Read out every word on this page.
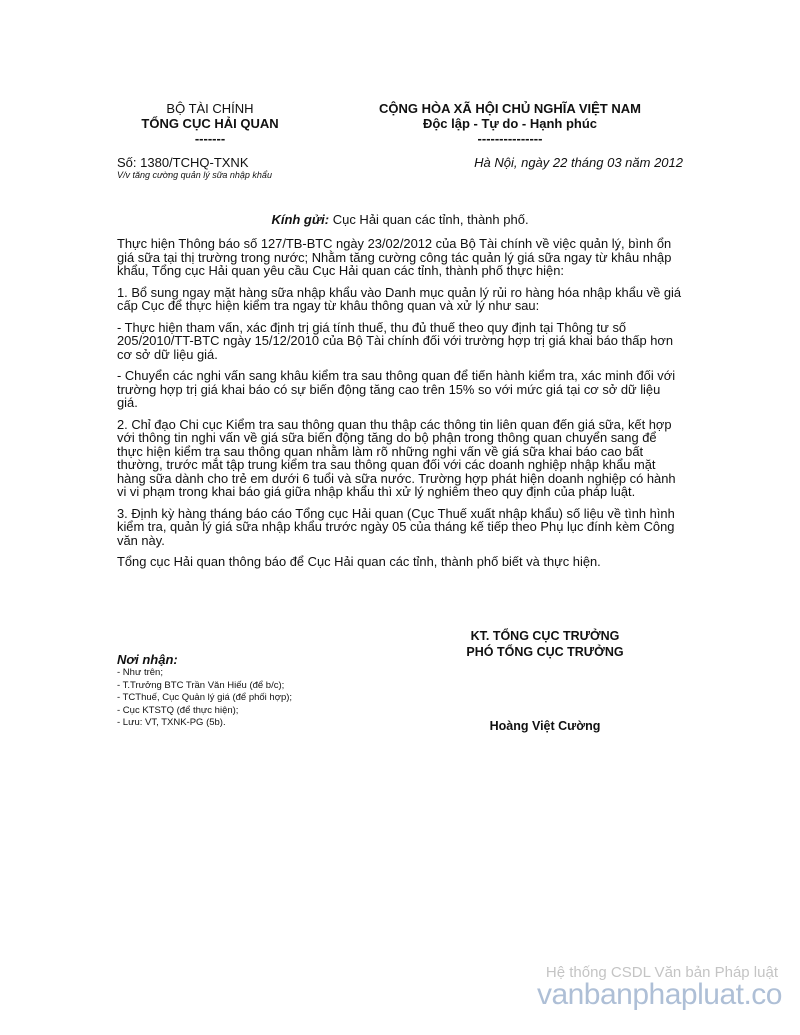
BỘ TÀI CHÍNH
TỔNG CỤC HẢI QUAN
-------
CỘNG HÒA XÃ HỘI CHỦ NGHĨA VIỆT NAM
Độc lập - Tự do - Hạnh phúc
---------------
Số: 1380/TCHQ-TXNK
V/v tăng cường quản lý sữa nhập khẩu
Hà Nội, ngày 22 tháng 03 năm 2012
Kính gửi: Cục Hải quan các tỉnh, thành phố.

Thực hiện Thông báo số 127/TB-BTC ngày 23/02/2012 của Bộ Tài chính về việc quản lý, bình ổn giá sữa tại thị trường trong nước; Nhằm tăng cường công tác quản lý giá sữa ngay từ khâu nhập khẩu, Tổng cục Hải quan yêu cầu Cục Hải quan các tỉnh, thành phố thực hiện:

1. Bổ sung ngay mặt hàng sữa nhập khẩu vào Danh mục quản lý rủi ro hàng hóa nhập khẩu về giá cấp Cục để thực hiện kiểm tra ngay từ khâu thông quan và xử lý như sau:

- Thực hiện tham vấn, xác định trị giá tính thuế, thu đủ thuế theo quy định tại Thông tư số 205/2010/TT-BTC ngày 15/12/2010 của Bộ Tài chính đối với trường hợp trị giá khai báo thấp hơn cơ sở dữ liệu giá.

- Chuyển các nghi vấn sang khâu kiểm tra sau thông quan để tiến hành kiểm tra, xác minh đối với trường hợp trị giá khai báo có sự biến động tăng cao trên 15% so với mức giá tại cơ sở dữ liệu giá.

2. Chỉ đạo Chi cục Kiểm tra sau thông quan thu thập các thông tin liên quan đến giá sữa, kết hợp với thông tin nghi vấn về giá sữa biến động tăng do bộ phận trong thông quan chuyển sang để thực hiện kiểm tra sau thông quan nhằm làm rõ những nghi vấn về giá sữa khai báo cao bất thường, trước mắt tập trung kiểm tra sau thông quan đối với các doanh nghiệp nhập khẩu mặt hàng sữa dành cho trẻ em dưới 6 tuổi và sữa nước. Trường hợp phát hiện doanh nghiệp có hành vi vi phạm trong khai báo giá giữa nhập khẩu thì xử lý nghiêm theo quy định của pháp luật.

3. Định kỳ hàng tháng báo cáo Tổng cục Hải quan (Cục Thuế xuất nhập khẩu) số liệu về tình hình kiểm tra, quản lý giá sữa nhập khẩu trước ngày 05 của tháng kế tiếp theo Phụ lục đính kèm Công văn này.

Tổng cục Hải quan thông báo để Cục Hải quan các tỉnh, thành phố biết và thực hiện.

KT. TỔNG CỤC TRƯỞNG
PHÓ TỔNG CỤC TRƯỞNG
Hoàng Việt Cường
Nơi nhận:
- Như trên;
- T.Trưởng BTC Trần Văn Hiếu (để b/c);
- TCThuế, Cục Quản lý giá (để phối hợp);
- Cục KTSTQ (để thực hiện);
- Lưu: VT, TXNK-PG (5b).
Hệ thống CSDL Văn bản Pháp luật
vanbanphapluat.co
